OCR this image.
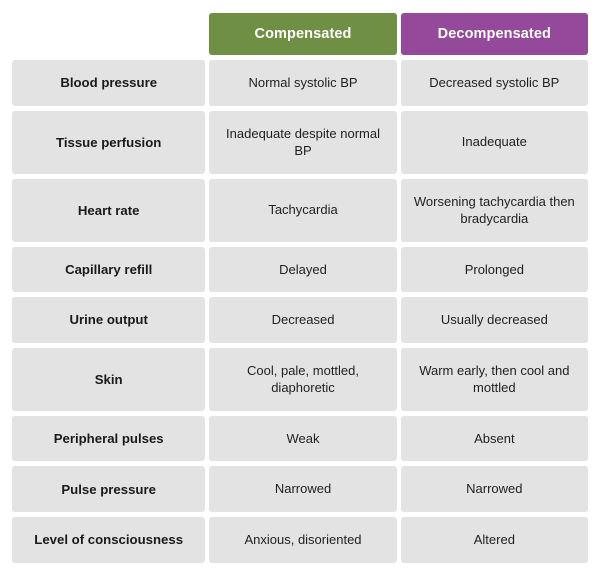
	Compensated	Decompensated
Blood pressure	Normal systolic BP	Decreased systolic BP
Tissue perfusion	Inadequate despite normal BP	Inadequate
Heart rate	Tachycardia	Worsening tachycardia then bradycardia
Capillary refill	Delayed	Prolonged
Urine output	Decreased	Usually decreased
Skin	Cool, pale, mottled, diaphoretic	Warm early, then cool and mottled
Peripheral pulses	Weak	Absent
Pulse pressure	Narrowed	Narrowed
Level of consciousness	Anxious, disoriented	Altered
